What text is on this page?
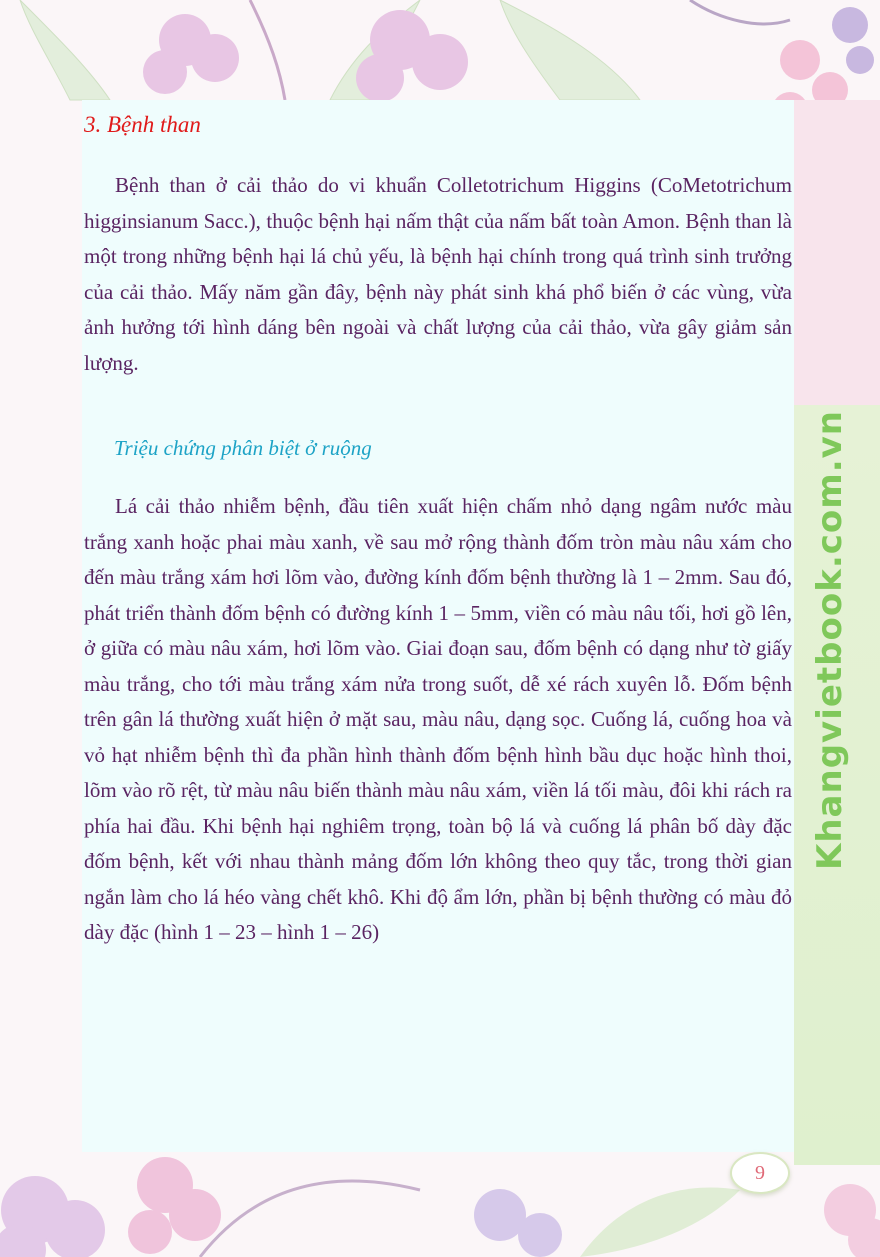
Khangvietbook.com.vn
3. Bệnh than

Bệnh than ở cải thảo do vi khuẩn Colletotrichum Higgins (CoMetotrichum higginsianum Sacc.), thuộc bệnh hại nấm thật của nấm bất toàn Amon. Bệnh than là một trong những bệnh hại lá chủ yếu, là bệnh hại chính trong quá trình sinh trưởng của cải thảo. Mấy năm gần đây, bệnh này phát sinh khá phổ biến ở các vùng, vừa ảnh hưởng tới hình dáng bên ngoài và chất lượng của cải thảo, vừa gây giảm sản lượng.

Triệu chứng phân biệt ở ruộng

Lá cải thảo nhiễm bệnh, đầu tiên xuất hiện chấm nhỏ dạng ngâm nước màu trắng xanh hoặc phai màu xanh, về sau mở rộng thành đốm tròn màu nâu xám cho đến màu trắng xám hơi lõm vào, đường kính đốm bệnh thường là 1 – 2mm. Sau đó, phát triển thành đốm bệnh có đường kính 1 – 5mm, viền có màu nâu tối, hơi gồ lên, ở giữa có màu nâu xám, hơi lõm vào. Giai đoạn sau, đốm bệnh có dạng như tờ giấy màu trắng, cho tới màu trắng xám nửa trong suốt, dễ xé rách xuyên lỗ. Đốm bệnh trên gân lá thường xuất hiện ở mặt sau, màu nâu, dạng sọc. Cuống lá, cuống hoa và vỏ hạt nhiễm bệnh thì đa phần hình thành đốm bệnh hình bầu dục hoặc hình thoi, lõm vào rõ rệt, từ màu nâu biến thành màu nâu xám, viền lá tối màu, đôi khi rách ra phía hai đầu. Khi bệnh hại nghiêm trọng, toàn bộ lá và cuống lá phân bố dày đặc đốm bệnh, kết với nhau thành mảng đốm lớn không theo quy tắc, trong thời gian ngắn làm cho lá héo vàng chết khô. Khi độ ẩm lớn, phần bị bệnh thường có màu đỏ dày đặc (hình 1 – 23 – hình 1 – 26)

9
